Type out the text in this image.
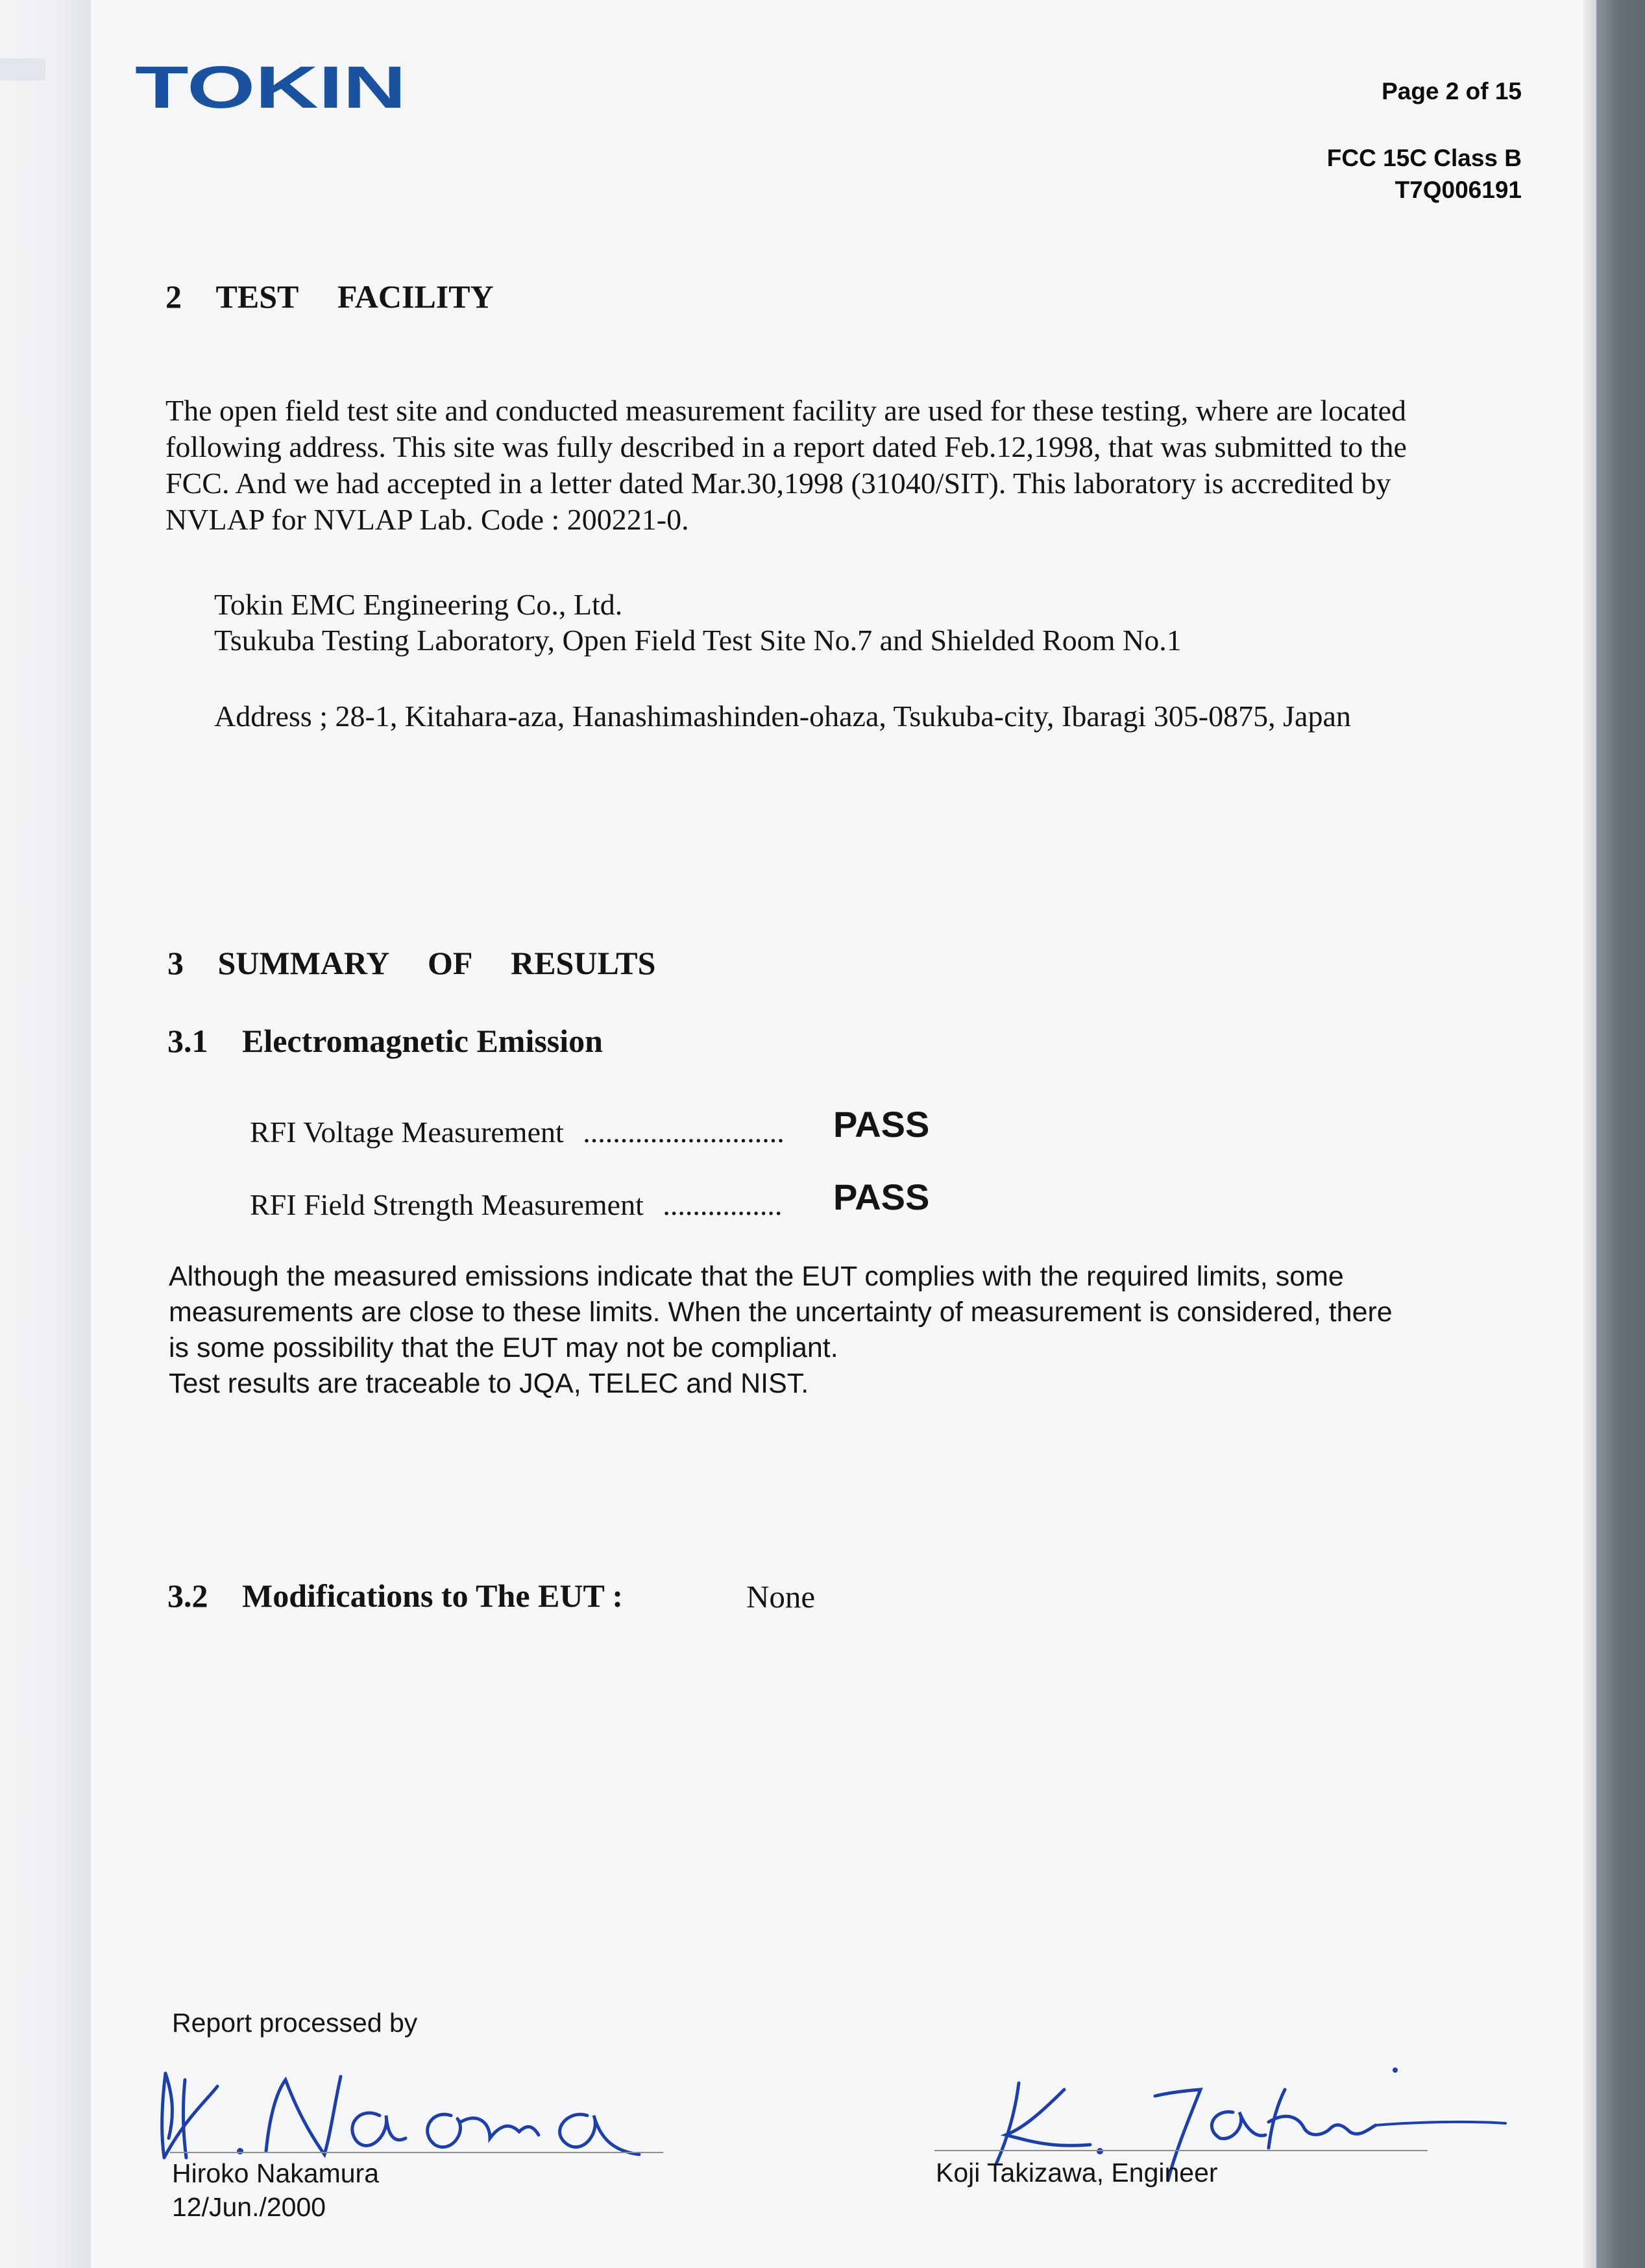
TOKIN	Page 2 of 15
FCC 15C Class B
T7Q006191
2 TEST FACILITY
The open field test site and conducted measurement facility are used for these testing, where are located
following address. This site was fully described in a report dated Feb.12,1998, that was submitted to the
FCC. And we had accepted in a letter dated Mar.30,1998 (31040/SIT). This laboratory is accredited by
NVLAP for NVLAP Lab. Code : 200221-0.
Tokin EMC Engineering Co., Ltd.
Tsukuba Testing Laboratory, Open Field Test Site No.7 and Shielded Room No.1
Address ; 28-1, Kitahara-aza, Hanashimashinden-ohaza, Tsukuba-city, Ibaragi 305-0875, Japan
3 SUMMARY OF RESULTS
3.1 Electromagnetic Emission
RFI Voltage Measurement ........................... PASS
RFI Field Strength Measurement ................ PASS
Although the measured emissions indicate that the EUT complies with the required limits, some
measurements are close to these limits. When the uncertainty of measurement is considered, there
is some possibility that the EUT may not be compliant.
Test results are traceable to JQA, TELEC and NIST.
3.2 Modifications to The EUT :	None
Report processed by
Hiroko Nakamura
12/Jun./2000
Koji Takizawa, Engineer
